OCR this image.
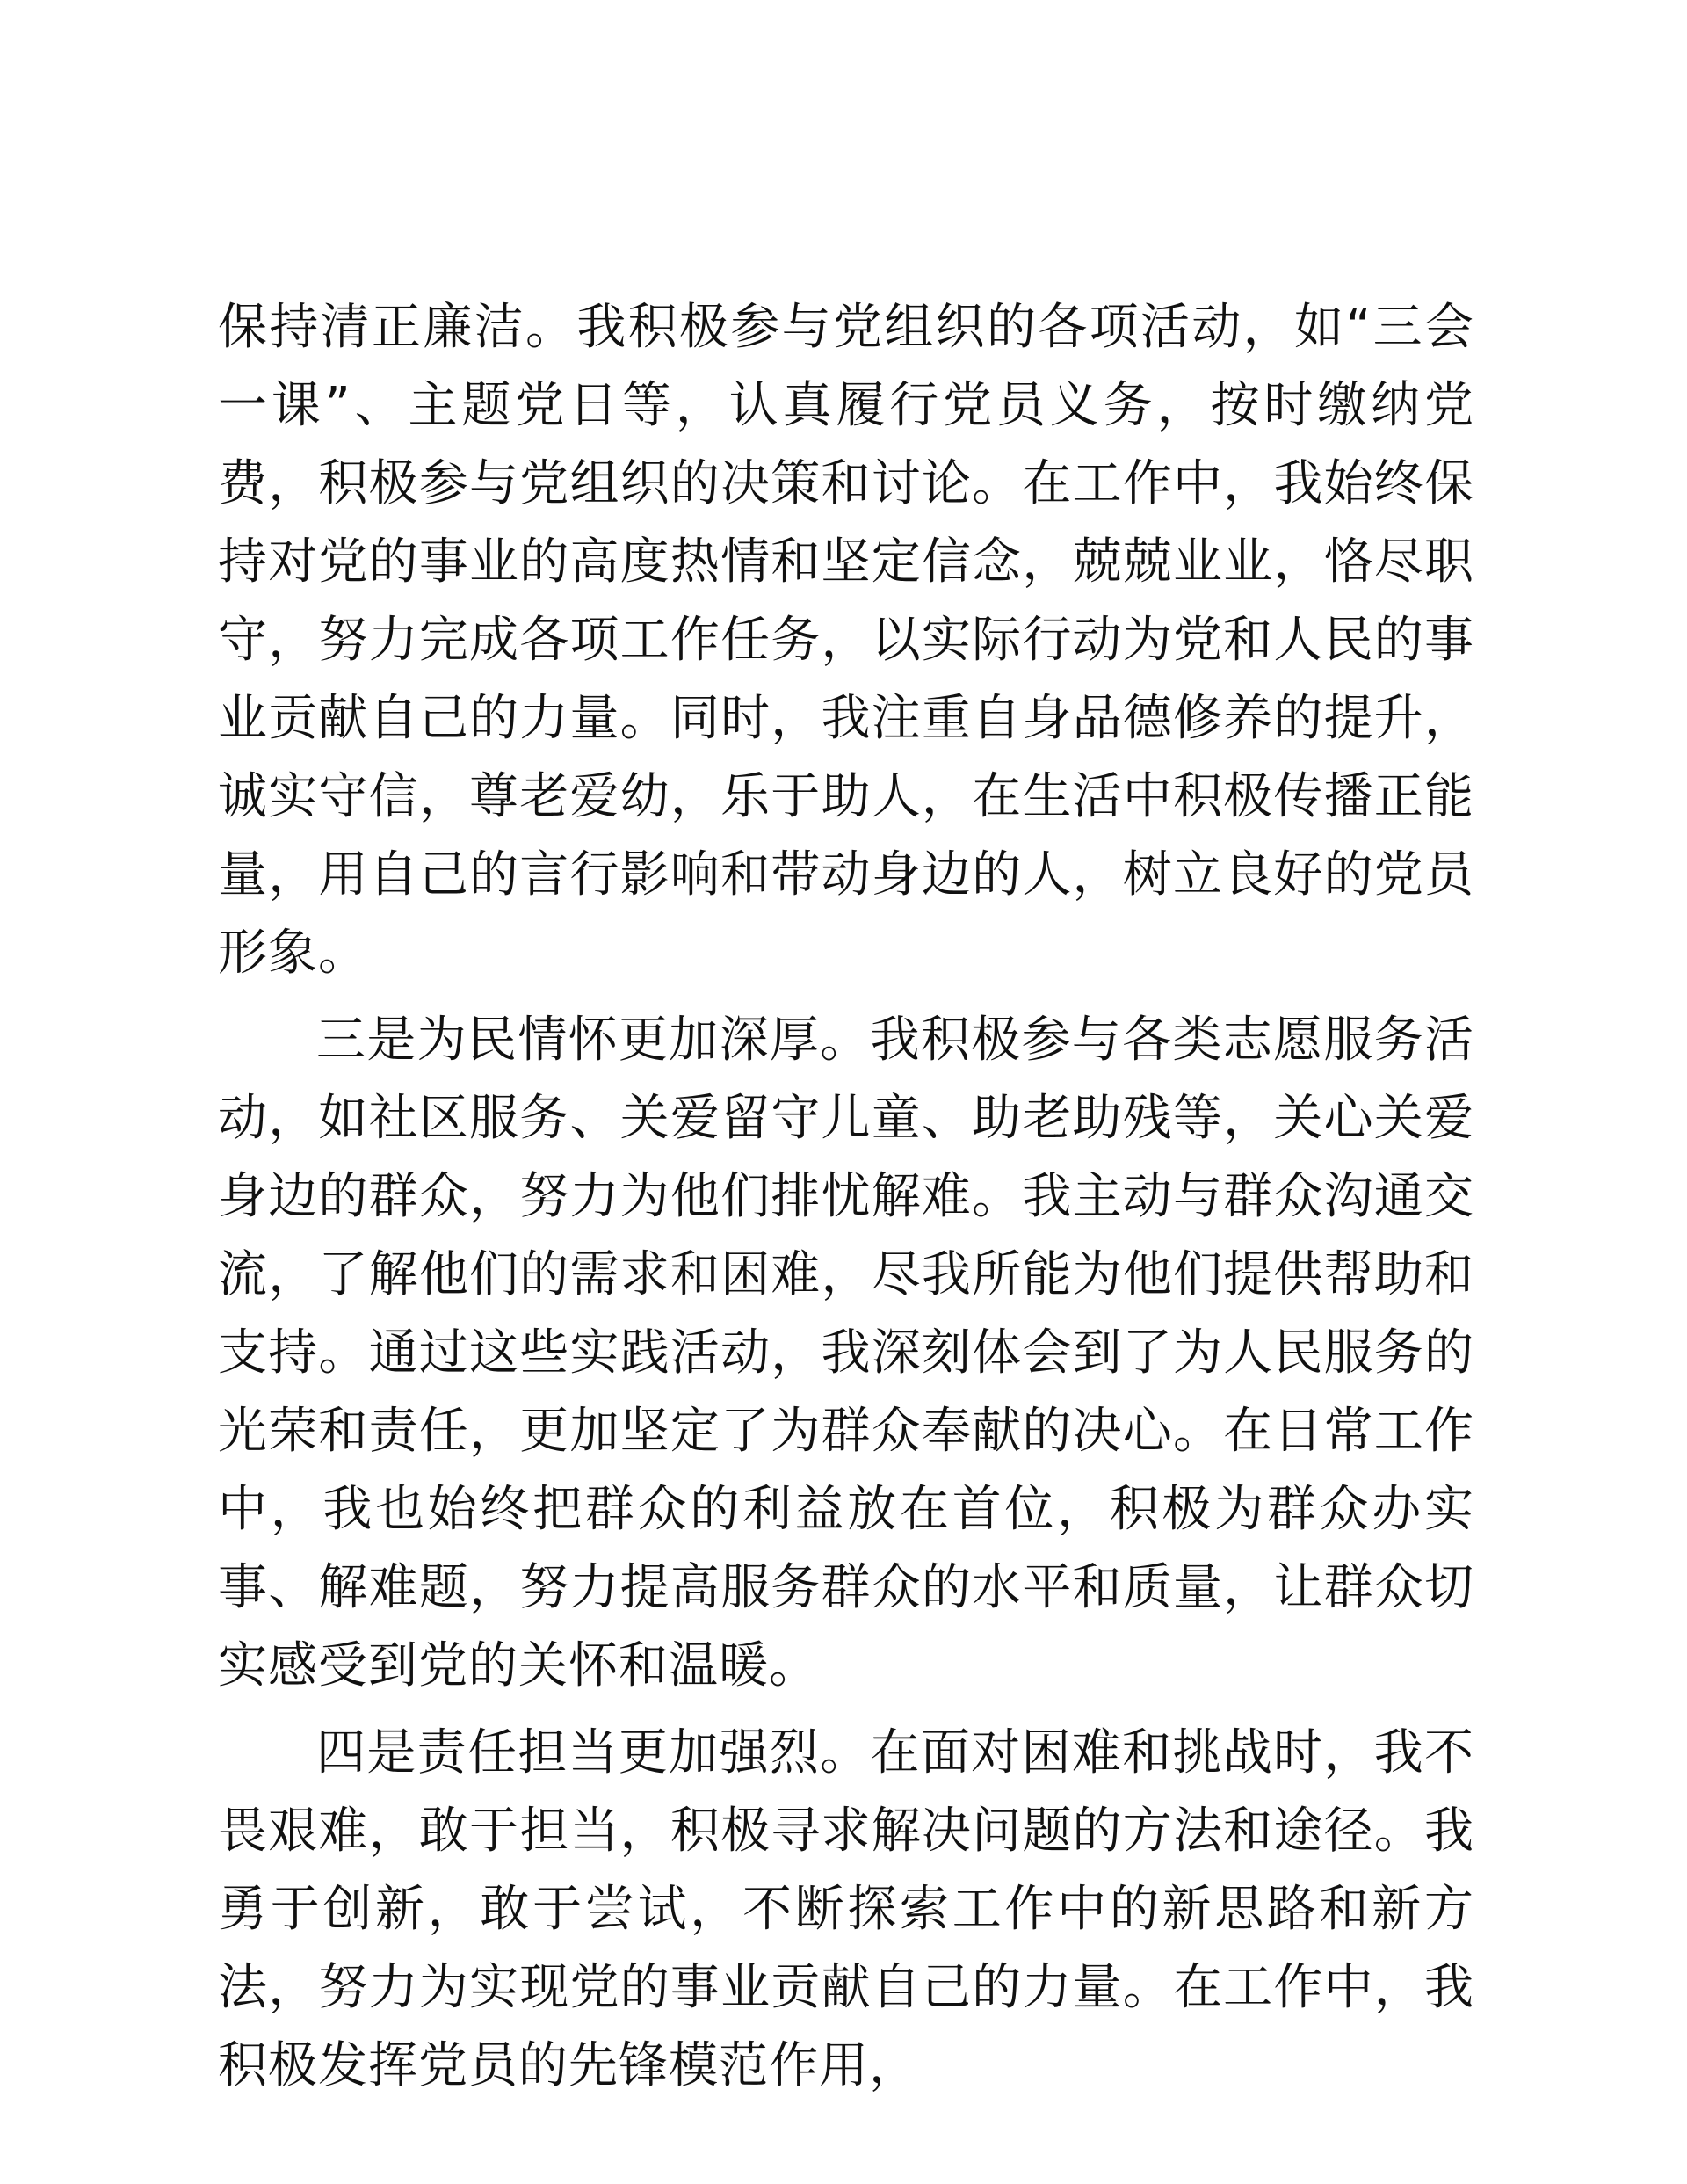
保持清正廉洁。我积极参与党组织的各项活动，如“三会一课”、主题党日等，认真履行党员义务，按时缴纳党费，积极参与党组织的决策和讨论。在工作中，我始终保持对党的事业的高度热情和坚定信念，兢兢业业，恪尽职守，努力完成各项工作任务，以实际行动为党和人民的事业贡献自己的力量。同时，我注重自身品德修养的提升，诚实守信，尊老爱幼，乐于助人，在生活中积极传播正能量，用自己的言行影响和带动身边的人，树立良好的党员形象。

三是为民情怀更加深厚。我积极参与各类志愿服务活动，如社区服务、关爱留守儿童、助老助残等，关心关爱身边的群众，努力为他们排忧解难。我主动与群众沟通交流，了解他们的需求和困难，尽我所能为他们提供帮助和支持。通过这些实践活动，我深刻体会到了为人民服务的光荣和责任，更加坚定了为群众奉献的决心。在日常工作中，我也始终把群众的利益放在首位，积极为群众办实事、解难题，努力提高服务群众的水平和质量，让群众切实感受到党的关怀和温暖。

四是责任担当更加强烈。在面对困难和挑战时，我不畏艰难，敢于担当，积极寻求解决问题的方法和途径。我勇于创新，敢于尝试，不断探索工作中的新思路和新方法，努力为实现党的事业贡献自己的力量。在工作中，我积极发挥党员的先锋模范作用，
